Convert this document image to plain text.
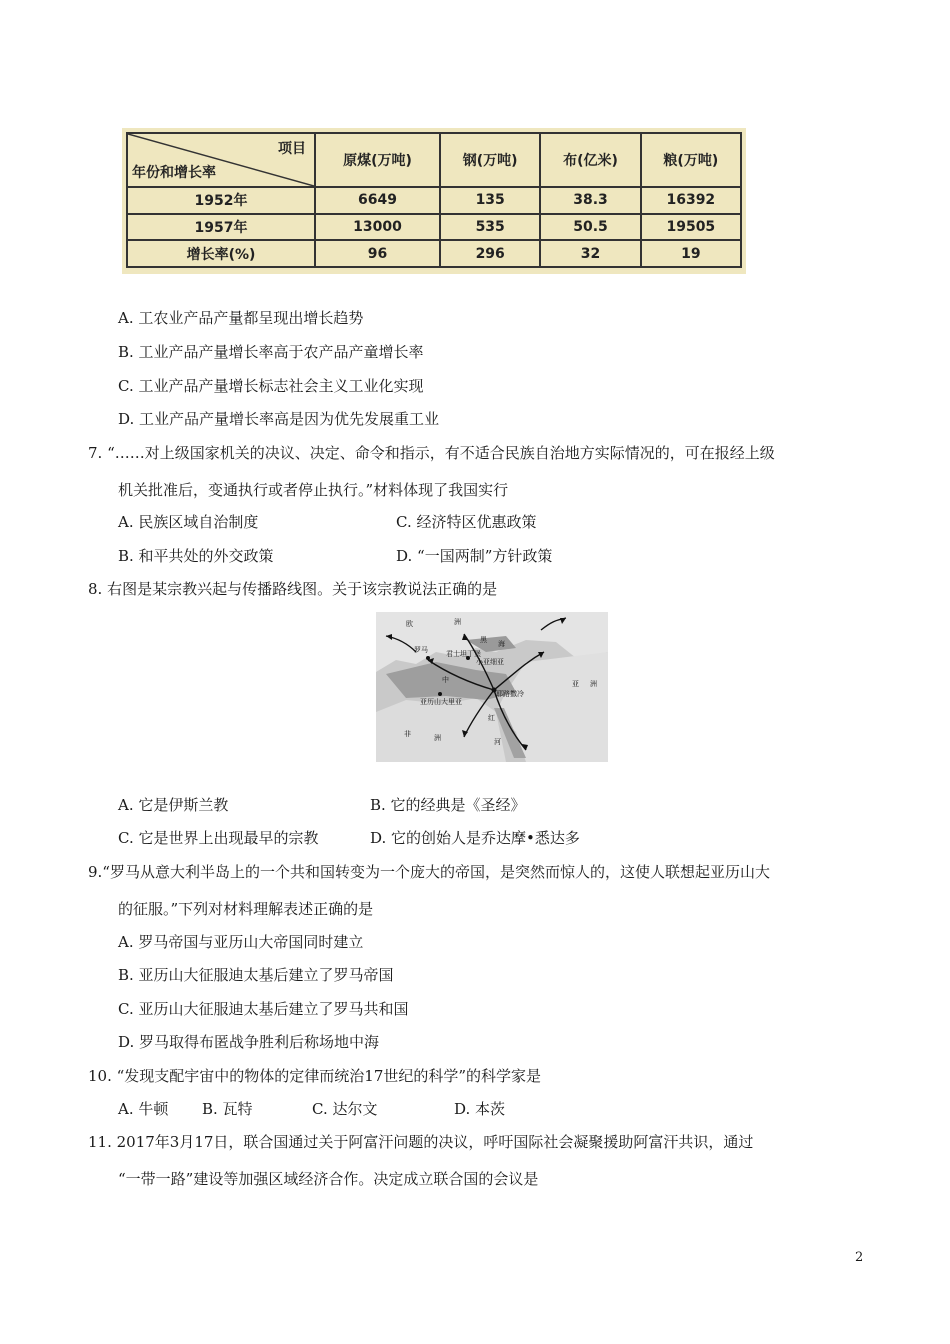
项目
年份和增长率	原煤(万吨)	钢(万吨)	布(亿米)	粮(万吨)
1952年	6649	135	38.3	16392
1957年	13000	535	50.5	19505
增长率(%)	96	296	32	19
A. 工农业产品产量都呈现出增长趋势
B. 工业产品产量增长率高于农产品产童增长率
C. 工业产品产量增长标志社会主义工业化实现
D. 工业产品产量增长率高是因为优先发展重工业
7. “……对上级国家机关的决议、决定、命令和指示，有不适合民族自治地方实际情况的，可在报经上级
机关批准后，变通执行或者停止执行。”材料体现了我国实行
A. 民族区域自治制度	C. 经济特区优惠政策
B. 和平共处的外交政策	D. “一国两制”方针政策
8. 右图是某宗教兴起与传播路线图。关于该宗教说法正确的是
欧	洲
罗马	君士坦丁堡
小亚细亚
黑 海
中
耶路撒冷
亚历山大里亚
亚 洲
非	洲
红
河
A. 它是伊斯兰教	B. 它的经典是《圣经》
C. 它是世界上出现最早的宗教	D. 它的创始人是乔达摩•悉达多
9.“罗马从意大利半岛上的一个共和国转变为一个庞大的帝国，是突然而惊人的，这使人联想起亚历山大
的征服。”下列对材料理解表述正确的是
A. 罗马帝国与亚历山大帝国同时建立
B. 亚历山大征服迪太基后建立了罗马帝国
C. 亚历山大征服迪太基后建立了罗马共和国
D. 罗马取得布匿战争胜利后称场地中海
10. “发现支配宇宙中的物体的定律而统治17世纪的科学”的科学家是
A. 牛顿 B. 瓦特	C. 达尔文	D. 本茨
11. 2017年3月17日，联合国通过关于阿富汗问题的决议，呼吁国际社会凝聚援助阿富汗共识，通过
“一带一路”建设等加强区域经济合作。决定成立联合国的会议是
2
